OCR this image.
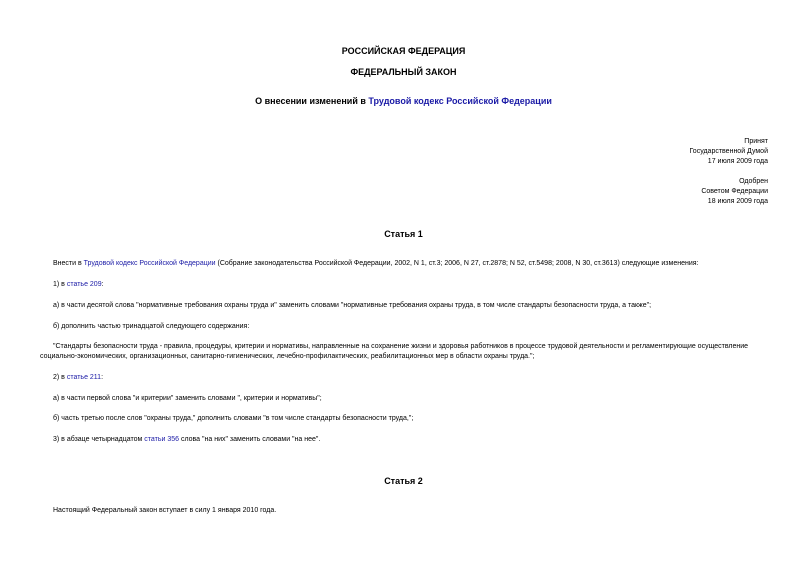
РОССИЙСКАЯ ФЕДЕРАЦИЯ
ФЕДЕРАЛЬНЫЙ ЗАКОН
О внесении изменений в Трудовой кодекс Российской Федерации
Принят
Государственной Думой
17 июля 2009 года
Одобрен
Советом Федерации
18 июля 2009 года
Статья 1
Внести в Трудовой кодекс Российской Федерации (Собрание законодательства Российской Федерации, 2002, N 1, ст.3; 2006, N 27, ст.2878; N 52, ст.5498; 2008, N 30, ст.3613) следующие изменения:
1) в статье 209:
а) в части десятой слова "нормативные требования охраны труда и" заменить словами "нормативные требования охраны труда, в том числе стандарты безопасности труда, а также";
б) дополнить частью тринадцатой следующего содержания:
"Стандарты безопасности труда - правила, процедуры, критерии и нормативы, направленные на сохранение жизни и здоровья работников в процессе трудовой деятельности и регламентирующие осуществление
социально-экономических, организационных, санитарно-гигиенических, лечебно-профилактических, реабилитационных мер в области охраны труда.";
2) в статье 211:
а) в части первой слова "и критерии" заменить словами ", критерии и нормативы";
б) часть третью после слов "охраны труда," дополнить словами "в том числе стандарты безопасности труда,";
3) в абзаце четырнадцатом статьи 356 слова "на них" заменить словами "на нее".
Статья 2
Настоящий Федеральный закон вступает в силу 1 января 2010 года.
